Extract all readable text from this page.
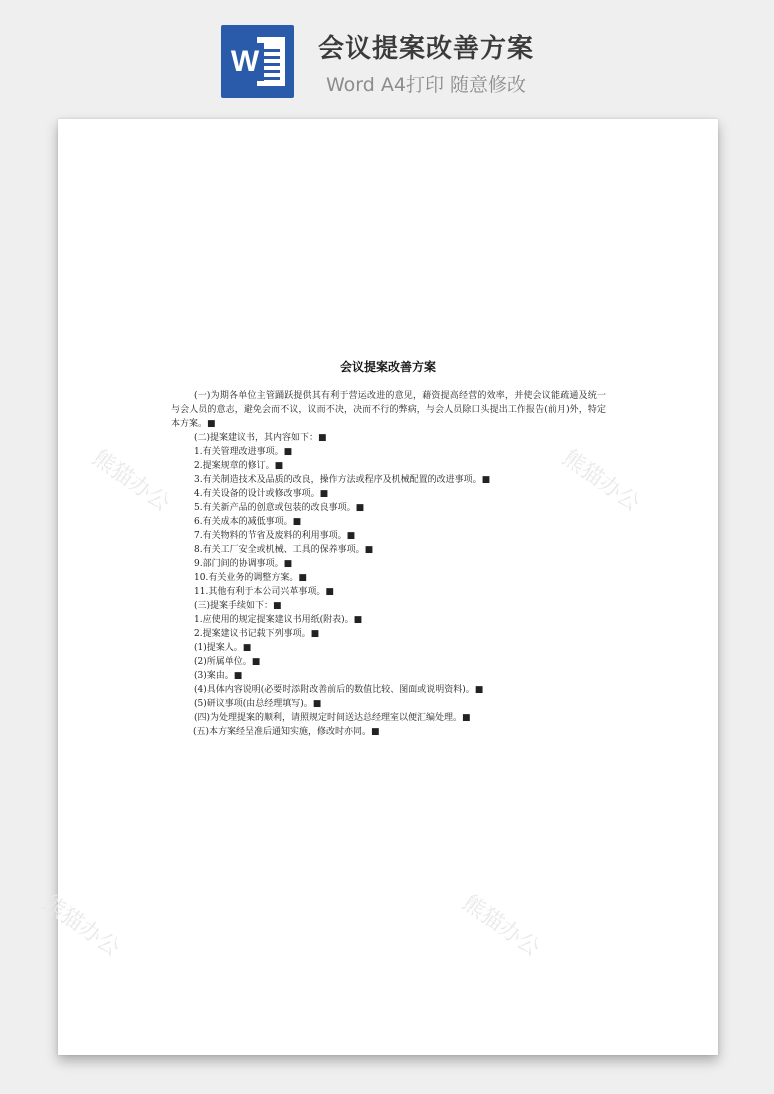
W 会议提案改善方案
Word A4打印 随意修改
熊猫办公	熊猫办公
熊猫办公	熊猫办公
会议提案改善方案
(一)为期各单位主管踊跃提供其有利于营运改进的意见，藉资提高经营的效率，并使会议能疏通及统一与会人员的意志，避免会而不议，议而不决，决而不行的弊病，与会人员除口头提出工作报告(前月)外，特定本方案。■
(二)提案建议书，其内容如下：■
1.有关管理改进事项。■
2.提案规章的修订。■
3.有关制造技术及品质的改良，操作方法或程序及机械配置的改进事项。■
4.有关设备的设计或修改事项。■
5.有关新产品的创意或包装的改良事项。■
6.有关成本的减低事项。■
7.有关物料的节省及废料的利用事项。■
8.有关工厂安全或机械、工具的保养事项。■
9.部门间的协调事项。■
10.有关业务的调整方案。■
11.其他有利于本公司兴革事项。■
(三)提案手续如下：■
1.应使用的规定提案建议书用纸(附表)。■
2.提案建议书记载下列事项。■
(1)提案人。■
(2)所属单位。■
(3)案由。■
(4)具体内容说明(必要时添附改善前后的数值比较、图面或说明资料)。■
(5)研议事项(由总经理填写)。■
(四)为处理提案的顺利，请照规定时间送达总经理室以便汇编处理。■
(五)本方案经呈准后通知实施，修改时亦同。■
